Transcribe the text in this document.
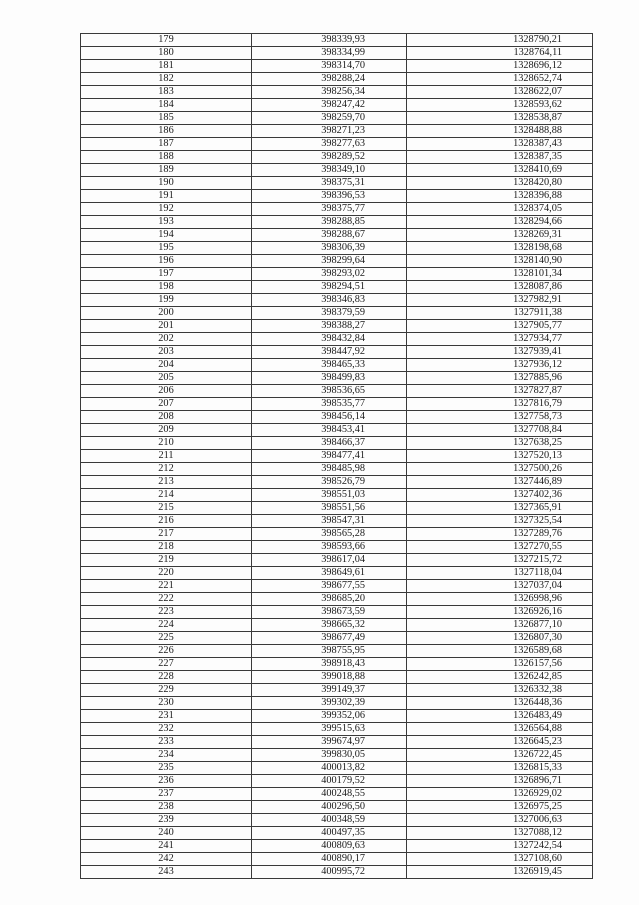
179	398339,93	1328790,21
180	398334,99	1328764,11
181	398314,70	1328696,12
182	398288,24	1328652,74
183	398256,34	1328622,07
184	398247,42	1328593,62
185	398259,70	1328538,87
186	398271,23	1328488,88
187	398277,63	1328387,43
188	398289,52	1328387,35
189	398349,10	1328410,69
190	398375,31	1328420,80
191	398396,53	1328396,88
192	398375,77	1328374,05
193	398288,85	1328294,66
194	398288,67	1328269,31
195	398306,39	1328198,68
196	398299,64	1328140,90
197	398293,02	1328101,34
198	398294,51	1328087,86
199	398346,83	1327982,91
200	398379,59	1327911,38
201	398388,27	1327905,77
202	398432,84	1327934,77
203	398447,92	1327939,41
204	398465,33	1327936,12
205	398499,83	1327885,96
206	398536,65	1327827,87
207	398535,77	1327816,79
208	398456,14	1327758,73
209	398453,41	1327708,84
210	398466,37	1327638,25
211	398477,41	1327520,13
212	398485,98	1327500,26
213	398526,79	1327446,89
214	398551,03	1327402,36
215	398551,56	1327365,91
216	398547,31	1327325,54
217	398565,28	1327289,76
218	398593,66	1327270,55
219	398617,04	1327215,72
220	398649,61	1327118,04
221	398677,55	1327037,04
222	398685,20	1326998,96
223	398673,59	1326926,16
224	398665,32	1326877,10
225	398677,49	1326807,30
226	398755,95	1326589,68
227	398918,43	1326157,56
228	399018,88	1326242,85
229	399149,37	1326332,38
230	399302,39	1326448,36
231	399352,06	1326483,49
232	399515,63	1326564,88
233	399674,97	1326645,23
234	399830,05	1326722,45
235	400013,82	1326815,33
236	400179,52	1326896,71
237	400248,55	1326929,02
238	400296,50	1326975,25
239	400348,59	1327006,63
240	400497,35	1327088,12
241	400809,63	1327242,54
242	400890,17	1327108,60
243	400995,72	1326919,45
